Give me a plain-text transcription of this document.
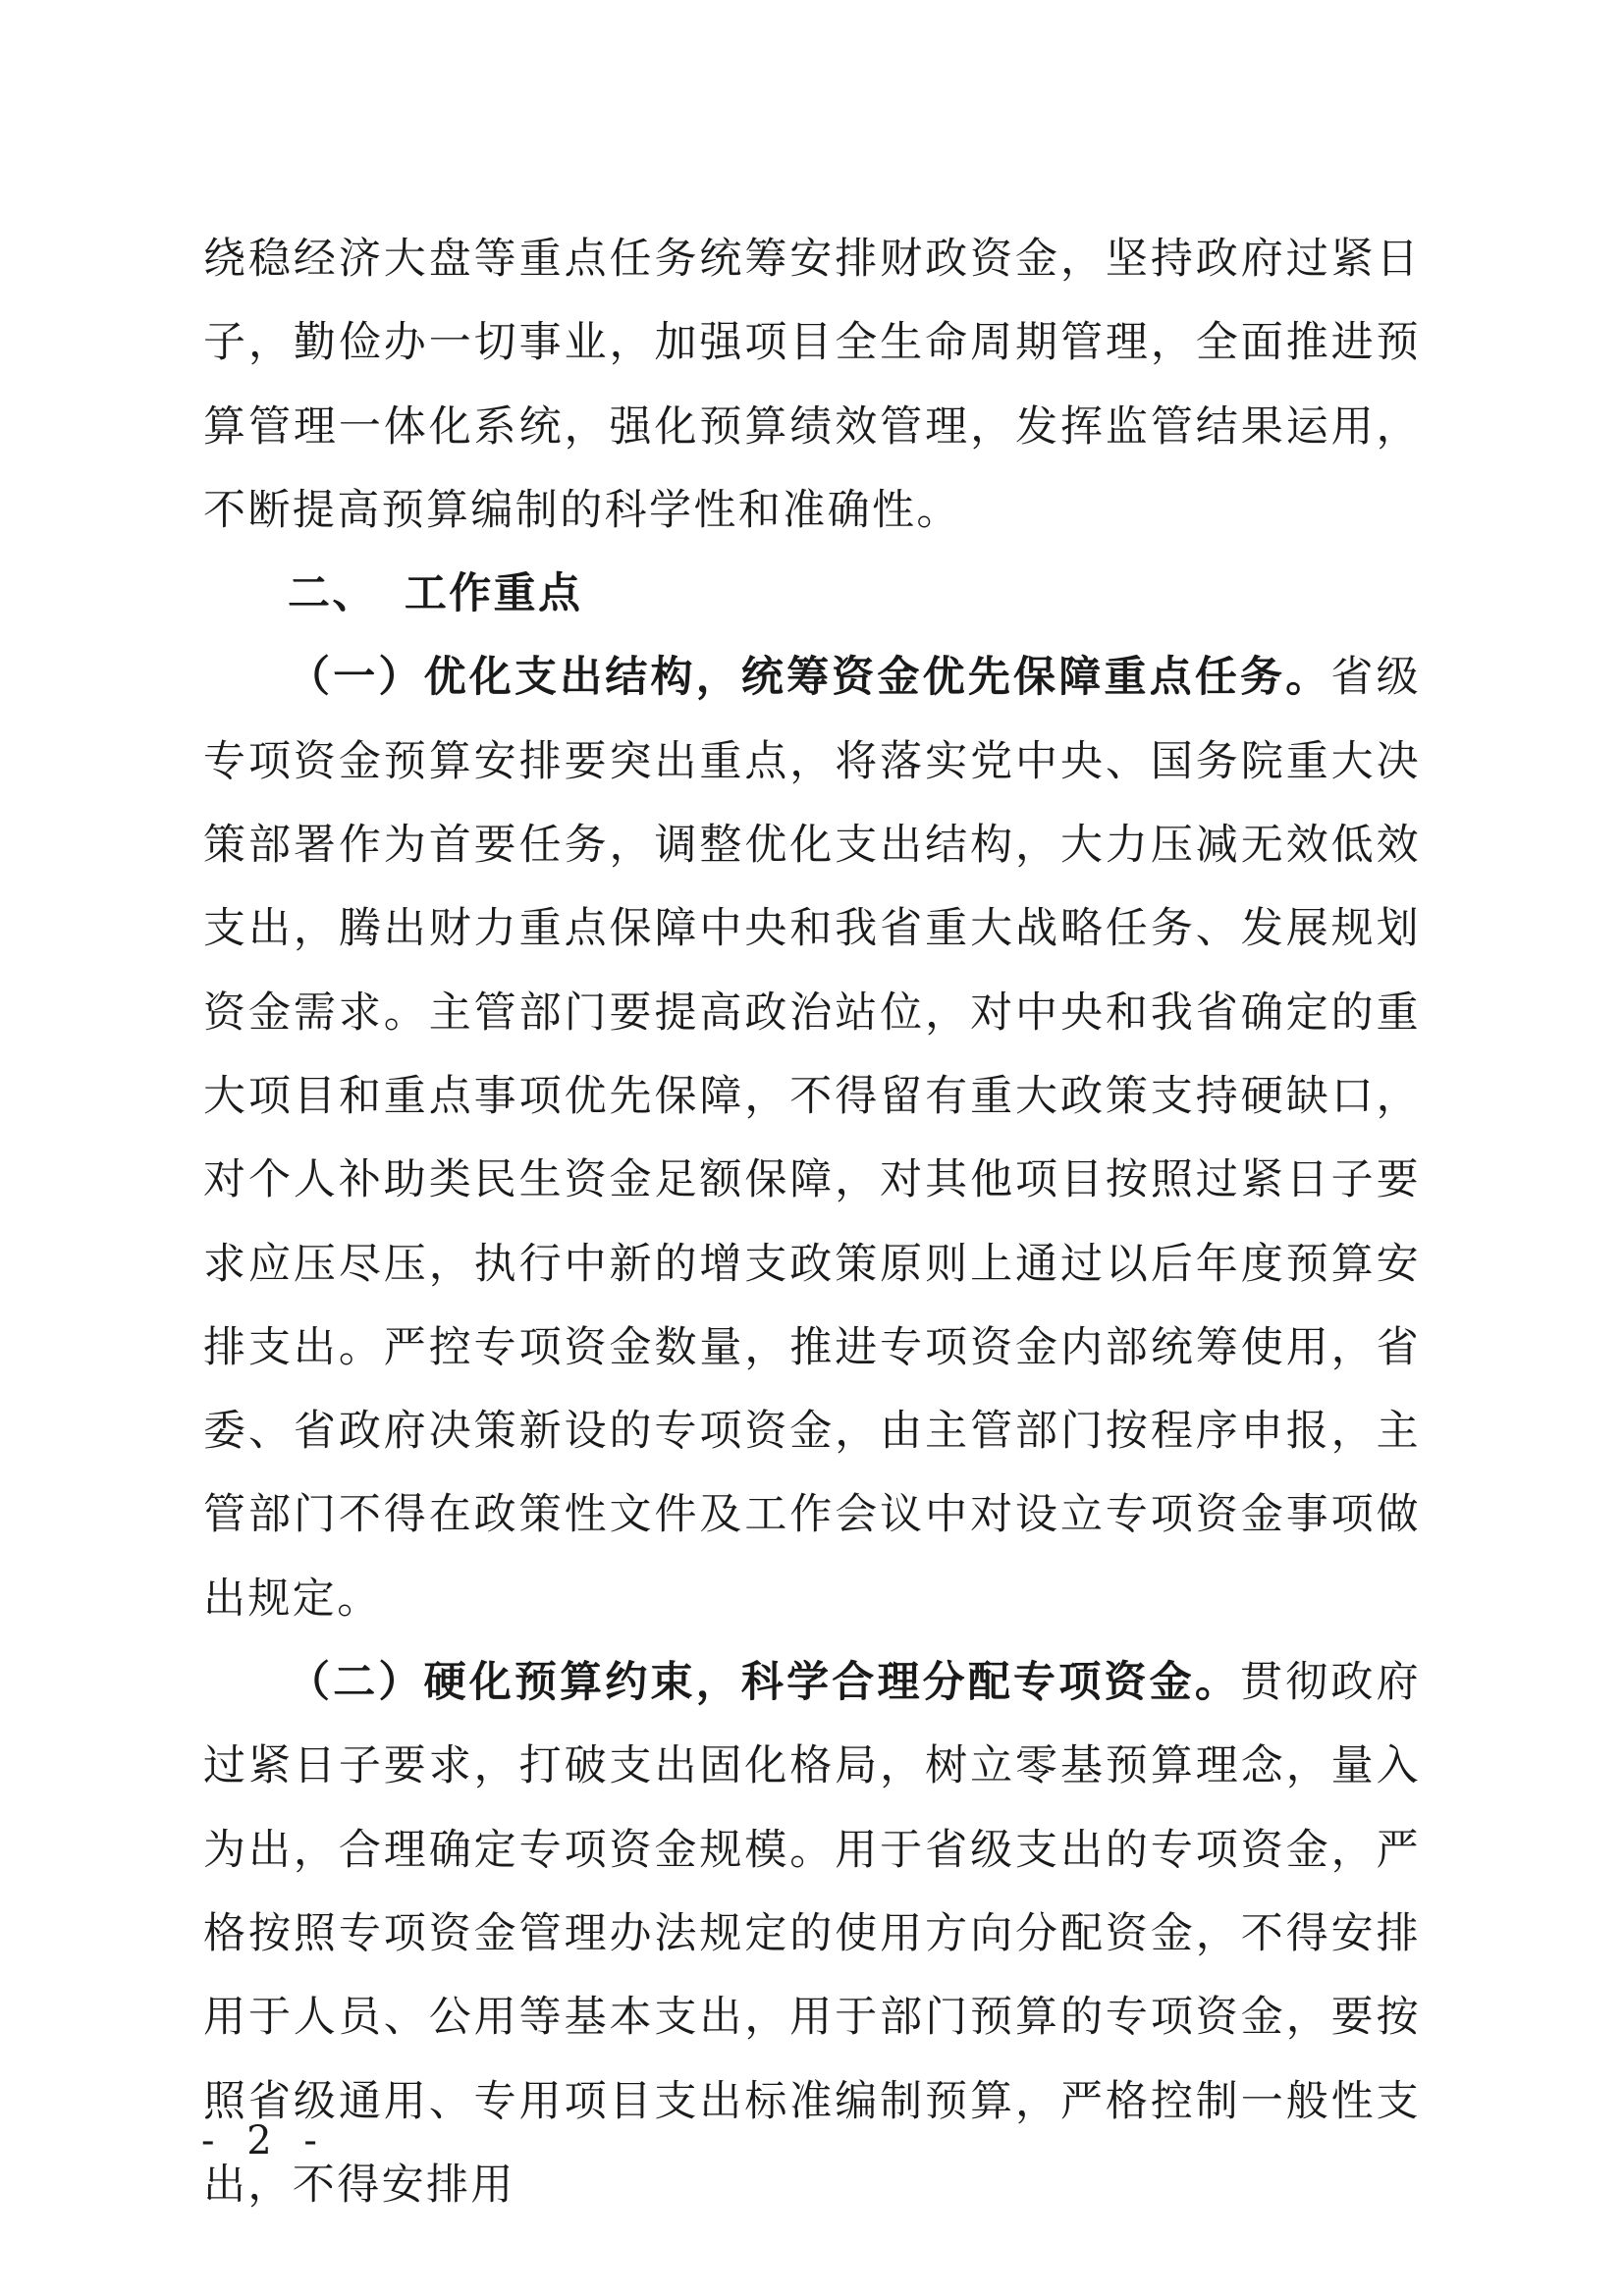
绕稳经济大盘等重点任务统筹安排财政资金，坚持政府过紧日子，勤俭办一切事业，加强项目全生命周期管理，全面推进预算管理一体化系统，强化预算绩效管理，发挥监管结果运用，不断提高预算编制的科学性和准确性。

二、 工作重点

（一）优化支出结构，统筹资金优先保障重点任务。省级专项资金预算安排要突出重点，将落实党中央、国务院重大决策部署作为首要任务，调整优化支出结构，大力压减无效低效支出，腾出财力重点保障中央和我省重大战略任务、发展规划资金需求。主管部门要提高政治站位，对中央和我省确定的重大项目和重点事项优先保障，不得留有重大政策支持硬缺口，对个人补助类民生资金足额保障，对其他项目按照过紧日子要求应压尽压，执行中新的增支政策原则上通过以后年度预算安排支出。严控专项资金数量，推进专项资金内部统筹使用，省委、省政府决策新设的专项资金，由主管部门按程序申报，主管部门不得在政策性文件及工作会议中对设立专项资金事项做出规定。

（二）硬化预算约束，科学合理分配专项资金。贯彻政府过紧日子要求，打破支出固化格局，树立零基预算理念，量入为出，合理确定专项资金规模。用于省级支出的专项资金，严格按照专项资金管理办法规定的使用方向分配资金，不得安排用于人员、公用等基本支出，用于部门预算的专项资金，要按照省级通用、专用项目支出标准编制预算，严格控制一般性支出，不得安排用

- 2 -
